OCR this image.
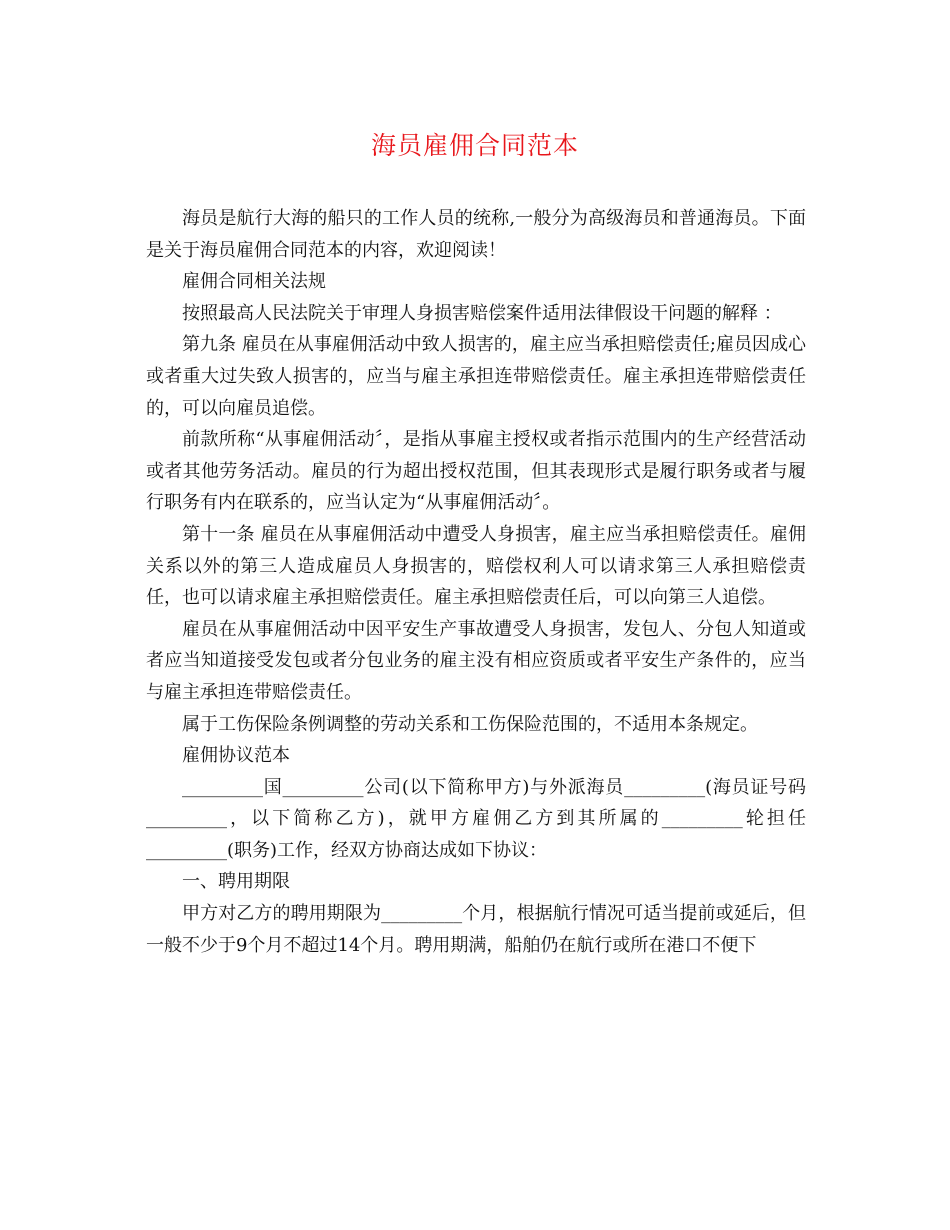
海员雇佣合同范本

海员是航行大海的船只的工作人员的统称,一般分为高级海员和普通海员。下面是关于海员雇佣合同范本的内容，欢迎阅读！

雇佣合同相关法规

按照最高人民法院关于审理人身损害赔偿案件适用法律假设干问题的解释 ：

第九条 雇员在从事雇佣活动中致人损害的，雇主应当承担赔偿责任;雇员因成心或者重大过失致人损害的，应当与雇主承担连带赔偿责任。雇主承担连带赔偿责任的，可以向雇员追偿。

前款所称“从事雇佣活动〞，是指从事雇主授权或者指示范围内的生产经营活动或者其他劳务活动。雇员的行为超出授权范围，但其表现形式是履行职务或者与履行职务有内在联系的，应当认定为“从事雇佣活动〞。

第十一条 雇员在从事雇佣活动中遭受人身损害，雇主应当承担赔偿责任。雇佣关系以外的第三人造成雇员人身损害的，赔偿权利人可以请求第三人承担赔偿责任，也可以请求雇主承担赔偿责任。雇主承担赔偿责任后，可以向第三人追偿。

雇员在从事雇佣活动中因平安生产事故遭受人身损害，发包人、分包人知道或者应当知道接受发包或者分包业务的雇主没有相应资质或者平安生产条件的，应当与雇主承担连带赔偿责任。

属于工伤保险条例调整的劳动关系和工伤保险范围的，不适用本条规定。

雇佣协议范本

_________国_________公司(以下简称甲方)与外派海员_________(海员证号码_________，以下简称乙方)，就甲方雇佣乙方到其所属的_________轮担任_________(职务)工作，经双方协商达成如下协议：

一、聘用期限

甲方对乙方的聘用期限为_________个月，根据航行情况可适当提前或延后，但一般不少于9个月不超过14个月。聘用期满，船舶仍在航行或所在港口不便下
